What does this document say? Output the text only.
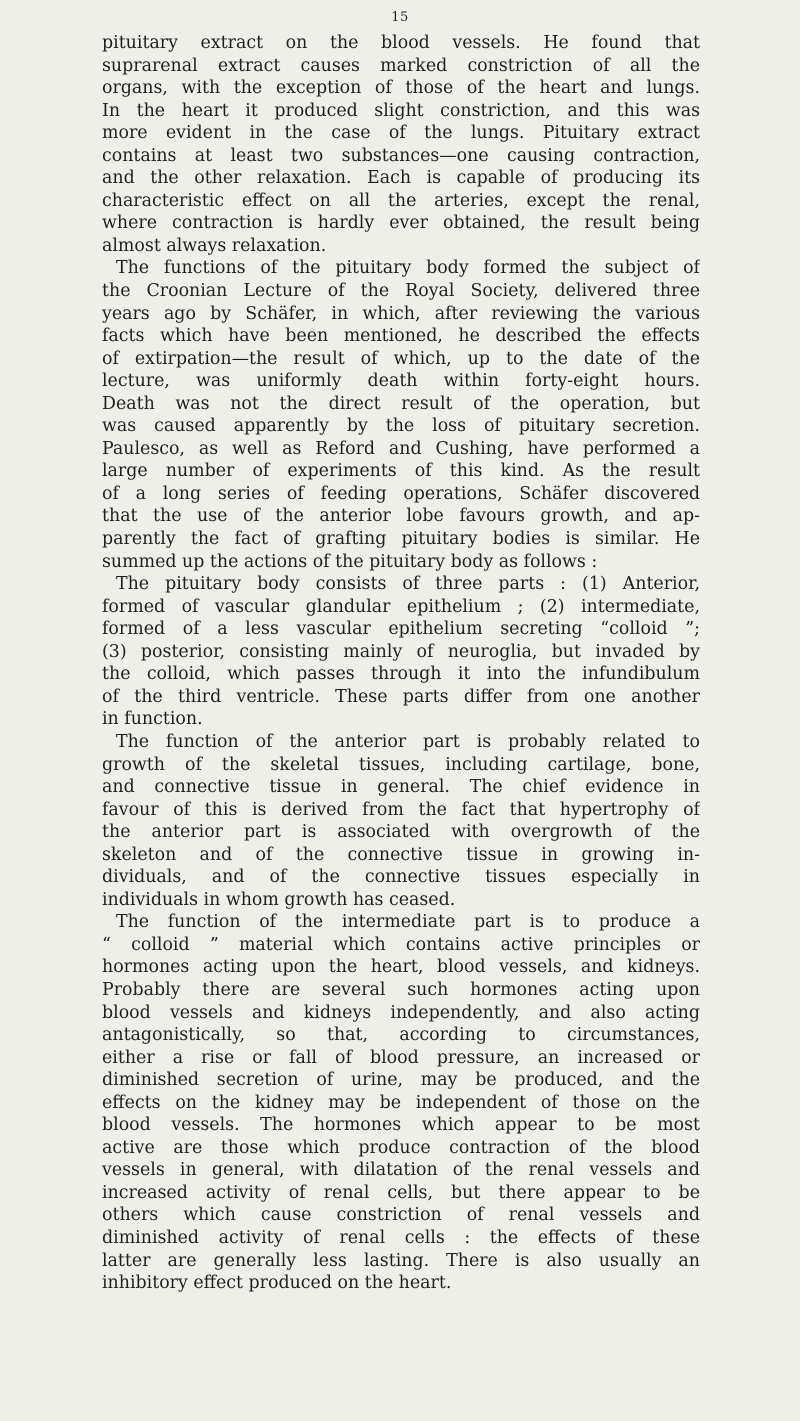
15
pituitary extract on the blood vessels. He found that
suprarenal extract causes marked constriction of all the
organs, with the exception of those of the heart and lungs.
In the heart it produced slight constriction, and this was
more evident in the case of the lungs. Pituitary extract
contains at least two substances—one causing contraction,
and the other relaxation. Each is capable of producing its
characteristic effect on all the arteries, except the renal,
where contraction is hardly ever obtained, the result being
almost always relaxation.
The functions of the pituitary body formed the subject of
the Croonian Lecture of the Royal Society, delivered three
years ago by Schäfer, in which, after reviewing the various
facts which have been mentioned, he described the effects
of extirpation—the result of which, up to the date of the
lecture, was uniformly death within forty-eight hours.
Death was not the direct result of the operation, but
was caused apparently by the loss of pituitary secretion.
Paulesco, as well as Reford and Cushing, have performed a
large number of experiments of this kind. As the result
of a long series of feeding operations, Schäfer discovered
that the use of the anterior lobe favours growth, and ap-
parently the fact of grafting pituitary bodies is similar. He
summed up the actions of the pituitary body as follows :
The pituitary body consists of three parts : (1) Anterior,
formed of vascular glandular epithelium ; (2) intermediate,
formed of a less vascular epithelium secreting “colloid ”;
(3) posterior, consisting mainly of neuroglia, but invaded by
the colloid, which passes through it into the infundibulum
of the third ventricle. These parts differ from one another
in function.
The function of the anterior part is probably related to
growth of the skeletal tissues, including cartilage, bone,
and connective tissue in general. The chief evidence in
favour of this is derived from the fact that hypertrophy of
the anterior part is associated with overgrowth of the
skeleton and of the connective tissue in growing in-
dividuals, and of the connective tissues especially in
individuals in whom growth has ceased.
The function of the intermediate part is to produce a
“ colloid ” material which contains active principles or
hormones acting upon the heart, blood vessels, and kidneys.
Probably there are several such hormones acting upon
blood vessels and kidneys independently, and also acting
antagonistically, so that, according to circumstances,
either a rise or fall of blood pressure, an increased or
diminished secretion of urine, may be produced, and the
effects on the kidney may be independent of those on the
blood vessels. The hormones which appear to be most
active are those which produce contraction of the blood
vessels in general, with dilatation of the renal vessels and
increased activity of renal cells, but there appear to be
others which cause constriction of renal vessels and
diminished activity of renal cells : the effects of these
latter are generally less lasting. There is also usually an
inhibitory effect produced on the heart.
